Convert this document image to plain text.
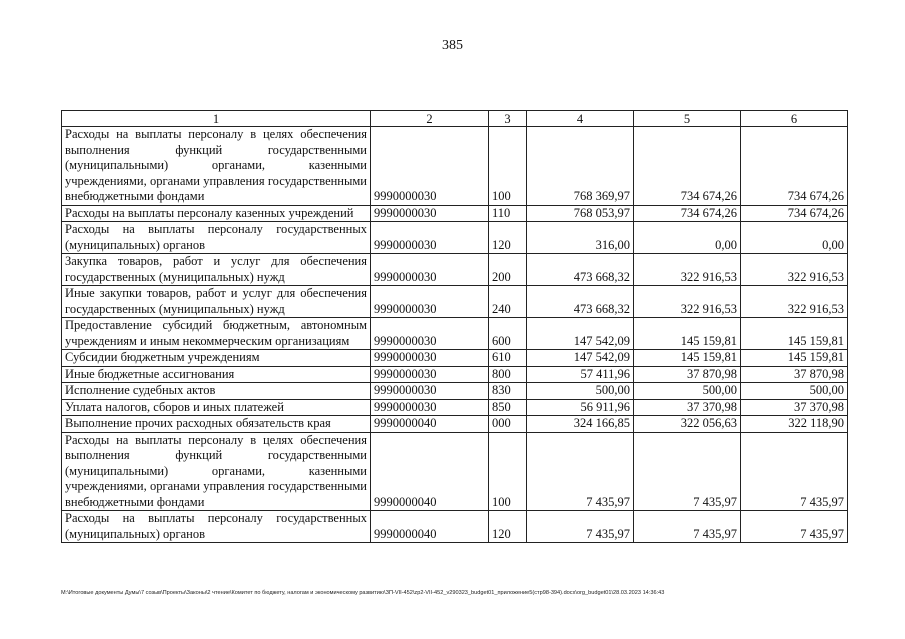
385
1	2	3	4	5	6
Расходы на выплаты персоналу в целях обеспечения выполнения функций государственными (муниципальными) органами, казенными учреждениями, органами управления государственными внебюджетными фондами	9990000030	100	768 369,97	734 674,26	734 674,26
Расходы на выплаты персоналу казенных учреждений	9990000030	110	768 053,97	734 674,26	734 674,26
Расходы на выплаты персоналу государственных (муниципальных) органов	9990000030	120	316,00	0,00	0,00
Закупка товаров, работ и услуг для обеспечения государственных (муниципальных) нужд	9990000030	200	473 668,32	322 916,53	322 916,53
Иные закупки товаров, работ и услуг для обеспечения государственных (муниципальных) нужд	9990000030	240	473 668,32	322 916,53	322 916,53
Предоставление субсидий бюджетным, автономным учреждениям и иным некоммерческим организациям	9990000030	600	147 542,09	145 159,81	145 159,81
Субсидии бюджетным учреждениям	9990000030	610	147 542,09	145 159,81	145 159,81
Иные бюджетные ассигнования	9990000030	800	57 411,96	37 870,98	37 870,98
Исполнение судебных актов	9990000030	830	500,00	500,00	500,00
Уплата налогов, сборов и иных платежей	9990000030	850	56 911,96	37 370,98	37 370,98
Выполнение прочих расходных обязательств края	9990000040	000	324 166,85	322 056,63	322 118,90
Расходы на выплаты персоналу в целях обеспечения выполнения функций государственными (муниципальными) органами, казенными учреждениями, органами управления государственными внебюджетными фондами	9990000040	100	7 435,97	7 435,97	7 435,97
Расходы на выплаты персоналу государственных (муниципальных) органов	9990000040	120	7 435,97	7 435,97	7 435,97
M:\Итоговые документы Думы\7 созыв\Проекты\Законы\2 чтение\Комитет по бюджету, налогам и экономическому развитию\ЗП-VII-452\zp2-VII-452_v290323_budget01_приложение5(стр98-394).docx\org_budget01\28.03.2023 14:36:43
